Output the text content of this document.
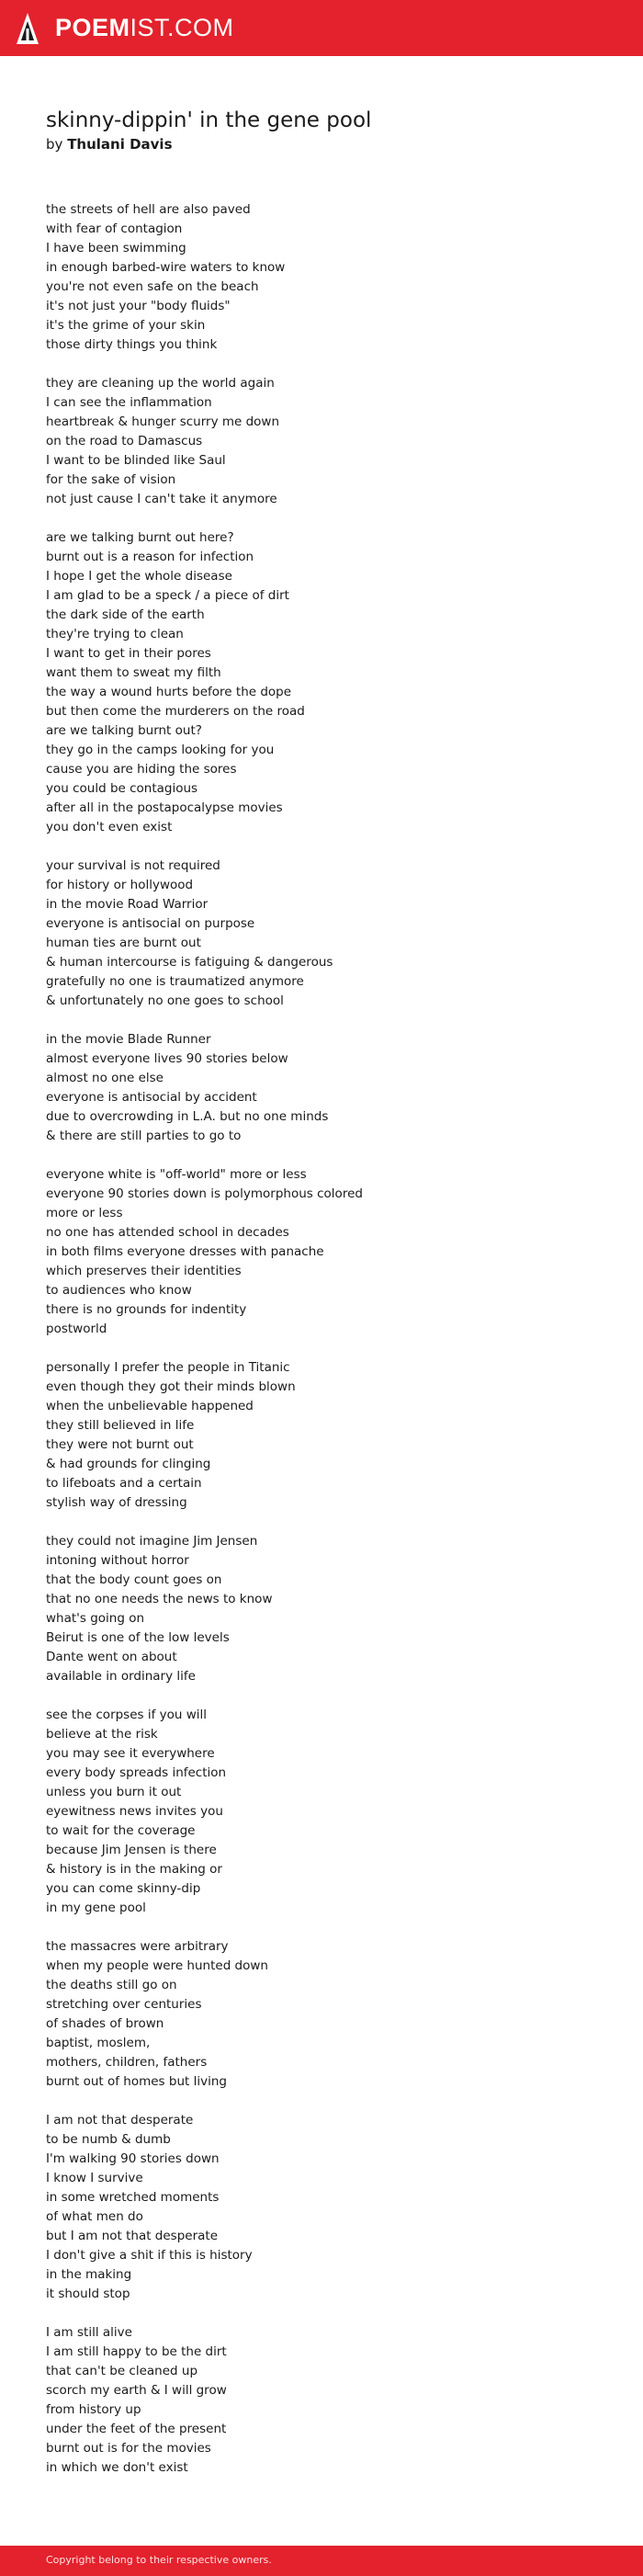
POEMIST.COM
skinny-dippin' in the gene pool
by Thulani Davis
the streets of hell are also paved
with fear of contagion
I have been swimming
in enough barbed-wire waters to know
you're not even safe on the beach
it's not just your "body fluids"
it's the grime of your skin
those dirty things you think
they are cleaning up the world again
I can see the inflammation
heartbreak & hunger scurry me down
on the road to Damascus
I want to be blinded like Saul
for the sake of vision
not just cause I can't take it anymore
are we talking burnt out here?
burnt out is a reason for infection
I hope I get the whole disease
I am glad to be a speck / a piece of dirt
the dark side of the earth
they're trying to clean
I want to get in their pores
want them to sweat my filth
the way a wound hurts before the dope
but then come the murderers on the road
are we talking burnt out?
they go in the camps looking for you
cause you are hiding the sores
you could be contagious
after all in the postapocalypse movies
you don't even exist
your survival is not required
for history or hollywood
in the movie Road Warrior
everyone is antisocial on purpose
human ties are burnt out
& human intercourse is fatiguing & dangerous
gratefully no one is traumatized anymore
& unfortunately no one goes to school
in the movie Blade Runner
almost everyone lives 90 stories below
almost no one else
everyone is antisocial by accident
due to overcrowding in L.A. but no one minds
& there are still parties to go to
everyone white is "off-world" more or less
everyone 90 stories down is polymorphous colored
more or less
no one has attended school in decades
in both films everyone dresses with panache
which preserves their identities
to audiences who know
there is no grounds for indentity
postworld
personally I prefer the people in Titanic
even though they got their minds blown
when the unbelievable happened
they still believed in life
they were not burnt out
& had grounds for clinging
to lifeboats and a certain
stylish way of dressing
they could not imagine Jim Jensen
intoning without horror
that the body count goes on
that no one needs the news to know
what's going on
Beirut is one of the low levels
Dante went on about
available in ordinary life
see the corpses if you will
believe at the risk
you may see it everywhere
every body spreads infection
unless you burn it out
eyewitness news invites you
to wait for the coverage
because Jim Jensen is there
& history is in the making or
you can come skinny-dip
in my gene pool
the massacres were arbitrary
when my people were hunted down
the deaths still go on
stretching over centuries
of shades of brown
baptist, moslem,
mothers, children, fathers
burnt out of homes but living
I am not that desperate
to be numb & dumb
I'm walking 90 stories down
I know I survive
in some wretched moments
of what men do
but I am not that desperate
I don't give a shit if this is history
in the making
it should stop
I am still alive
I am still happy to be the dirt
that can't be cleaned up
scorch my earth & I will grow
from history up
under the feet of the present
burnt out is for the movies
in which we don't exist
Copyright belong to their respective owners.
